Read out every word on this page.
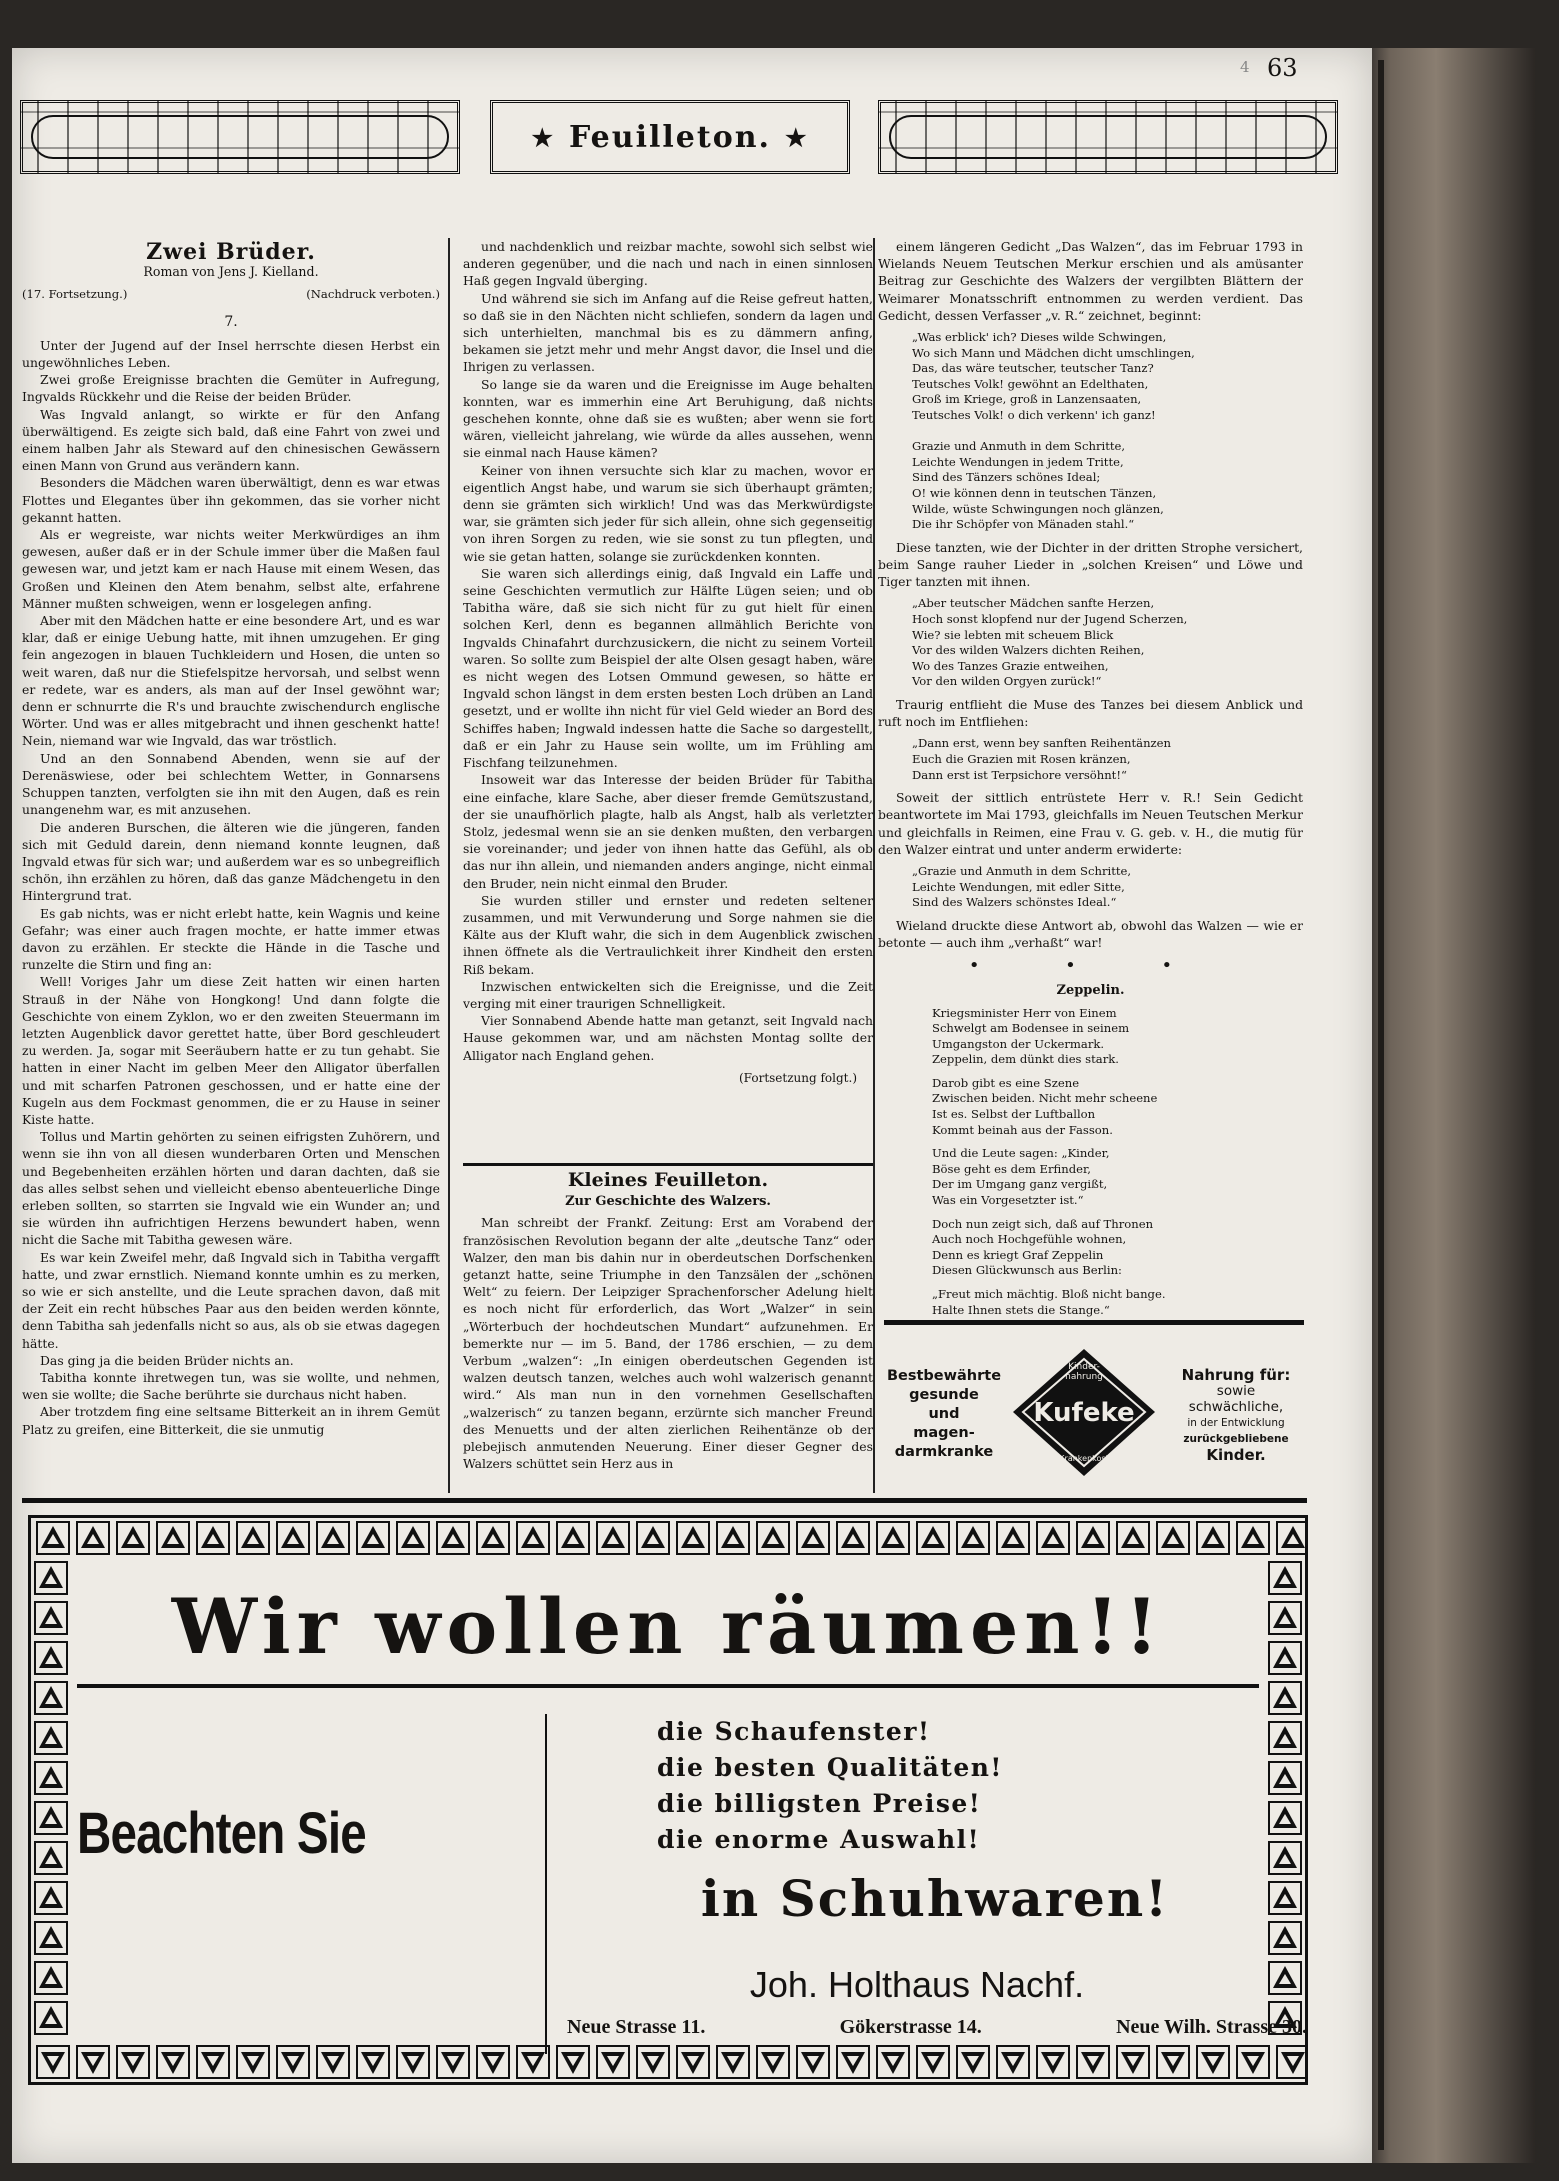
4 63
★ Feuilleton. ★
Zwei Brüder.
Roman von Jens J. Kielland.
(17. Fortsetzung.)	(Nachdruck verboten.)
7.

Unter der Jugend auf der Insel herrschte diesen Herbst ein ungewöhnliches Leben.

Zwei große Ereignisse brachten die Gemüter in Aufregung, Ingvalds Rückkehr und die Reise der beiden Brüder.

Was Ingvald anlangt, so wirkte er für den Anfang überwältigend. Es zeigte sich bald, daß eine Fahrt von zwei und einem halben Jahr als Steward auf den chinesischen Gewässern einen Mann von Grund aus verändern kann.

Besonders die Mädchen waren überwältigt, denn es war etwas Flottes und Elegantes über ihn gekommen, das sie vorher nicht gekannt hatten.

Als er wegreiste, war nichts weiter Merkwürdiges an ihm gewesen, außer daß er in der Schule immer über die Maßen faul gewesen war, und jetzt kam er nach Hause mit einem Wesen, das Großen und Kleinen den Atem benahm, selbst alte, erfahrene Männer mußten schweigen, wenn er losgelegen anfing.

Aber mit den Mädchen hatte er eine besondere Art, und es war klar, daß er einige Uebung hatte, mit ihnen umzugehen. Er ging fein angezogen in blauen Tuchkleidern und Hosen, die unten so weit waren, daß nur die Stiefelspitze hervorsah, und selbst wenn er redete, war es anders, als man auf der Insel gewöhnt war; denn er schnurrte die R's und brauchte zwischendurch englische Wörter. Und was er alles mitgebracht und ihnen geschenkt hatte! Nein, niemand war wie Ingvald, das war tröstlich.

Und an den Sonnabend Abenden, wenn sie auf der Derenäswiese, oder bei schlechtem Wetter, in Gonnarsens Schuppen tanzten, verfolgten sie ihn mit den Augen, daß es rein unangenehm war, es mit anzusehen.

Die anderen Burschen, die älteren wie die jüngeren, fanden sich mit Geduld darein, denn niemand konnte leugnen, daß Ingvald etwas für sich war; und außerdem war es so unbegreiflich schön, ihn erzählen zu hören, daß das ganze Mädchengetu in den Hintergrund trat.

Es gab nichts, was er nicht erlebt hatte, kein Wagnis und keine Gefahr; was einer auch fragen mochte, er hatte immer etwas davon zu erzählen. Er steckte die Hände in die Tasche und runzelte die Stirn und fing an:

Well! Voriges Jahr um diese Zeit hatten wir einen harten Strauß in der Nähe von Hongkong! Und dann folgte die Geschichte von einem Zyklon, wo er den zweiten Steuermann im letzten Augenblick davor gerettet hatte, über Bord geschleudert zu werden. Ja, sogar mit Seeräubern hatte er zu tun gehabt. Sie hatten in einer Nacht im gelben Meer den Alligator überfallen und mit scharfen Patronen geschossen, und er hatte eine der Kugeln aus dem Fockmast genommen, die er zu Hause in seiner Kiste hatte.

Tollus und Martin gehörten zu seinen eifrigsten Zuhörern, und wenn sie ihn von all diesen wunderbaren Orten und Menschen und Begebenheiten erzählen hörten und daran dachten, daß sie das alles selbst sehen und vielleicht ebenso abenteuerliche Dinge erleben sollten, so starrten sie Ingvald wie ein Wunder an; und sie würden ihn aufrichtigen Herzens bewundert haben, wenn nicht die Sache mit Tabitha gewesen wäre.

Es war kein Zweifel mehr, daß Ingvald sich in Tabitha vergafft hatte, und zwar ernstlich. Niemand konnte umhin es zu merken, so wie er sich anstellte, und die Leute sprachen davon, daß mit der Zeit ein recht hübsches Paar aus den beiden werden könnte, denn Tabitha sah jedenfalls nicht so aus, als ob sie etwas dagegen hätte.

Das ging ja die beiden Brüder nichts an.

Tabitha konnte ihretwegen tun, was sie wollte, und nehmen, wen sie wollte; die Sache berührte sie durchaus nicht haben.

Aber trotzdem fing eine seltsame Bitterkeit an in ihrem Gemüt Platz zu greifen, eine Bitterkeit, die sie unmutig

und nachdenklich und reizbar machte, sowohl sich selbst wie anderen gegenüber, und die nach und nach in einen sinnlosen Haß gegen Ingvald überging.

Und während sie sich im Anfang auf die Reise gefreut hatten, so daß sie in den Nächten nicht schliefen, sondern da lagen und sich unterhielten, manchmal bis es zu dämmern anfing, bekamen sie jetzt mehr und mehr Angst davor, die Insel und die Ihrigen zu verlassen.

So lange sie da waren und die Ereignisse im Auge behalten konnten, war es immerhin eine Art Beruhigung, daß nichts geschehen konnte, ohne daß sie es wußten; aber wenn sie fort wären, vielleicht jahrelang, wie würde da alles aussehen, wenn sie einmal nach Hause kämen?

Keiner von ihnen versuchte sich klar zu machen, wovor er eigentlich Angst habe, und warum sie sich überhaupt grämten; denn sie grämten sich wirklich! Und was das Merkwürdigste war, sie grämten sich jeder für sich allein, ohne sich gegenseitig von ihren Sorgen zu reden, wie sie sonst zu tun pflegten, und wie sie getan hatten, solange sie zurückdenken konnten.

Sie waren sich allerdings einig, daß Ingvald ein Laffe und seine Geschichten vermutlich zur Hälfte Lügen seien; und ob Tabitha wäre, daß sie sich nicht für zu gut hielt für einen solchen Kerl, denn es begannen allmählich Berichte von Ingvalds Chinafahrt durchzusickern, die nicht zu seinem Vorteil waren. So sollte zum Beispiel der alte Olsen gesagt haben, wäre es nicht wegen des Lotsen Ommund gewesen, so hätte er Ingvald schon längst in dem ersten besten Loch drüben an Land gesetzt, und er wollte ihn nicht für viel Geld wieder an Bord des Schiffes haben; Ingwald indessen hatte die Sache so dargestellt, daß er ein Jahr zu Hause sein wollte, um im Frühling am Fischfang teilzunehmen.

Insoweit war das Interesse der beiden Brüder für Tabitha eine einfache, klare Sache, aber dieser fremde Gemütszustand, der sie unaufhörlich plagte, halb als Angst, halb als verletzter Stolz, jedesmal wenn sie an sie denken mußten, den verbargen sie voreinander; und jeder von ihnen hatte das Gefühl, als ob das nur ihn allein, und niemanden anders anginge, nicht einmal den Bruder, nein nicht einmal den Bruder.

Sie wurden stiller und ernster und redeten seltener zusammen, und mit Verwunderung und Sorge nahmen sie die Kälte aus der Kluft wahr, die sich in dem Augenblick zwischen ihnen öffnete als die Vertraulichkeit ihrer Kindheit den ersten Riß bekam.

Inzwischen entwickelten sich die Ereignisse, und die Zeit verging mit einer traurigen Schnelligkeit.

Vier Sonnabend Abende hatte man getanzt, seit Ingvald nach Hause gekommen war, und am nächsten Montag sollte der Alligator nach England gehen.

(Fortsetzung folgt.)
Kleines Feuilleton.
Zur Geschichte des Walzers.

Man schreibt der Frankf. Zeitung: Erst am Vorabend der französischen Revolution begann der alte „deutsche Tanz“ oder Walzer, den man bis dahin nur in oberdeutschen Dorfschenken getanzt hatte, seine Triumphe in den Tanzsälen der „schönen Welt“ zu feiern. Der Leipziger Sprachenforscher Adelung hielt es noch nicht für erforderlich, das Wort „Walzer“ in sein „Wörterbuch der hochdeutschen Mundart“ aufzunehmen. Er bemerkte nur — im 5. Band, der 1786 erschien, — zu dem Verbum „walzen“: „In einigen oberdeutschen Gegenden ist walzen deutsch tanzen, welches auch wohl walzerisch genannt wird.“ Als man nun in den vornehmen Gesellschaften „walzerisch“ zu tanzen begann, erzürnte sich mancher Freund des Menuetts und der alten zierlichen Reihentänze ob der plebejisch anmutenden Neuerung. Einer dieser Gegner des Walzers schüttet sein Herz aus in

einem längeren Gedicht „Das Walzen“, das im Februar 1793 in Wielands Neuem Teutschen Merkur erschien und als amüsanter Beitrag zur Geschichte des Walzers der vergilbten Blättern der Weimarer Monatsschrift entnommen zu werden verdient. Das Gedicht, dessen Verfasser „v. R.“ zeichnet, beginnt:

„Was erblick' ich? Dieses wilde Schwingen,
Wo sich Mann und Mädchen dicht umschlingen,
Das, das wäre teutscher, teutscher Tanz?
Teutsches Volk! gewöhnt an Edelthaten,
Groß im Kriege, groß in Lanzensaaten,
Teutsches Volk! o dich verkenn' ich ganz!

Grazie und Anmuth in dem Schritte,
Leichte Wendungen in jedem Tritte,
Sind des Tänzers schönes Ideal;
O! wie können denn in teutschen Tänzen,
Wilde, wüste Schwingungen noch glänzen,
Die ihr Schöpfer von Mänaden stahl.“

Diese tanzten, wie der Dichter in der dritten Strophe versichert, beim Sange rauher Lieder in „solchen Kreisen“ und Löwe und Tiger tanzten mit ihnen.

„Aber teutscher Mädchen sanfte Herzen,
Hoch sonst klopfend nur der Jugend Scherzen,
Wie? sie lebten mit scheuem Blick
Vor des wilden Walzers dichten Reihen,
Wo des Tanzes Grazie entweihen,
Vor den wilden Orgyen zurück!“

Traurig entflieht die Muse des Tanzes bei diesem Anblick und ruft noch im Entfliehen:

„Dann erst, wenn bey sanften Reihentänzen
Euch die Grazien mit Rosen kränzen,
Dann erst ist Terpsichore versöhnt!“

Soweit der sittlich entrüstete Herr v. R.! Sein Gedicht beantwortete im Mai 1793, gleichfalls im Neuen Teutschen Merkur und gleichfalls in Reimen, eine Frau v. G. geb. v. H., die mutig für den Walzer eintrat und unter anderm erwiderte:

„Grazie und Anmuth in dem Schritte,
Leichte Wendungen, mit edler Sitte,
Sind des Walzers schönstes Ideal.“

Wieland druckte diese Antwort ab, obwohl das Walzen — wie er betonte — auch ihm „verhaßt“ war!

• • •
Zeppelin.
Kriegsminister Herr von Einem
Schwelgt am Bodensee in seinem
Umgangston der Uckermark.
Zeppelin, dem dünkt dies stark.
Darob gibt es eine Szene
Zwischen beiden. Nicht mehr scheene
Ist es. Selbst der Luftballon
Kommt beinah aus der Fasson.
Und die Leute sagen: „Kinder,
Böse geht es dem Erfinder,
Der im Umgang ganz vergißt,
Was ein Vorgesetzter ist.“
Doch nun zeigt sich, daß auf Thronen
Auch noch Hochgefühle wohnen,
Denn es kriegt Graf Zeppelin
Diesen Glückwunsch aus Berlin:
„Freut mich mächtig. Bloß nicht bange.
Halte Ihnen stets die Stange.“
Bestbewährte
gesunde
und
magen-
darmkranke
Kinder-
nahrung
Kufeke
Krankenkost
Nahrung für:
sowie
schwächliche,
in der Entwicklung
zurückgebliebene
Kinder.
Wir wollen räumen!!
Beachten Sie
die Schaufenster!
die besten Qualitäten!
die billigsten Preise!
die enorme Auswahl!
in Schuhwaren!
Joh. Holthaus Nachf.
Neue Strasse 11.	Gökerstrasse 14.	Neue Wilh. Strasse 30.
